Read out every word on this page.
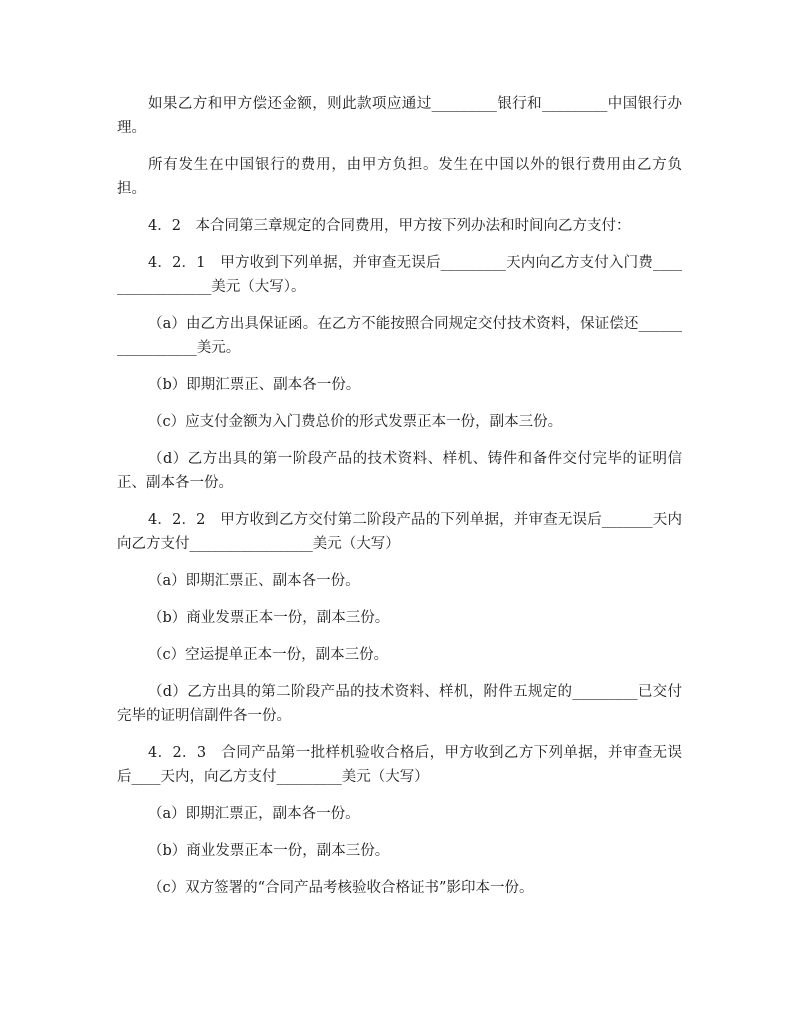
如果乙方和甲方偿还金额，则此款项应通过_________银行和_________中国银行办理。

所有发生在中国银行的费用，由甲方负担。发生在中国以外的银行费用由乙方负担。

4．2　本合同第三章规定的合同费用，甲方按下列办法和时间向乙方支付：

4．2．1　甲方收到下列单据，并审查无误后_________天内向乙方支付入门费_________________美元（大写）。

（a）由乙方出具保证函。在乙方不能按照合同规定交付技术资料，保证偿还_________________美元。

（b）即期汇票正、副本各一份。

（c）应支付金额为入门费总价的形式发票正本一份，副本三份。

（d）乙方出具的第一阶段产品的技术资料、样机、铸件和备件交付完毕的证明信正、副本各一份。

4．2．2　甲方收到乙方交付第二阶段产品的下列单据，并审查无误后_______天内向乙方支付_________________美元（大写）

（a）即期汇票正、副本各一份。

（b）商业发票正本一份，副本三份。

（c）空运提单正本一份，副本三份。

（d）乙方出具的第二阶段产品的技术资料、样机，附件五规定的_________已交付完毕的证明信副件各一份。

4．2．3　合同产品第一批样机验收合格后，甲方收到乙方下列单据，并审查无误后____天内，向乙方支付_________美元（大写）

（a）即期汇票正，副本各一份。

（b）商业发票正本一份，副本三份。

（c）双方签署的“合同产品考核验收合格证书”影印本一份。
